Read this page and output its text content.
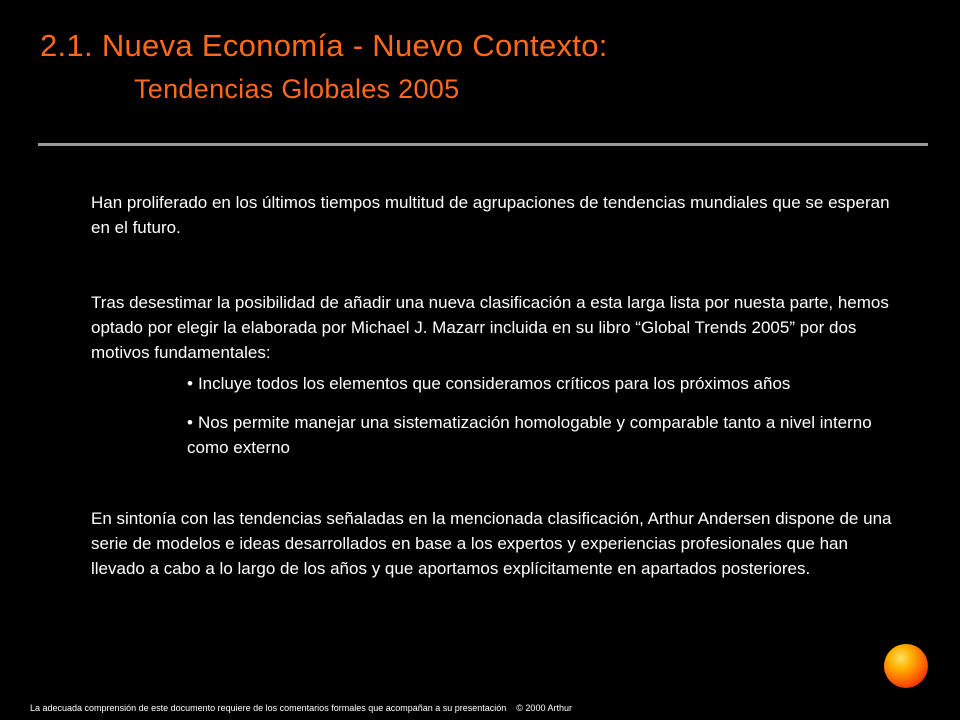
2.1. Nueva Economía - Nuevo Contexto:
Tendencias Globales 2005

Han proliferado en los últimos tiempos multitud de agrupaciones de tendencias mundiales que se esperan en el futuro.

Tras desestimar la posibilidad de añadir una nueva clasificación a esta larga lista por nuesta parte, hemos optado por elegir la elaborada por Michael J. Mazarr incluida en su libro “Global Trends 2005” por dos motivos fundamentales:

• Incluye todos los elementos que consideramos críticos para los próximos años
• Nos permite manejar una sistematización homologable y comparable tanto a nivel interno como externo

En sintonía con las tendencias señaladas en la mencionada clasificación, Arthur Andersen dispone de una serie de modelos e ideas desarrollados en base a los expertos y experiencias profesionales que han llevado a cabo a lo largo de los años y que aportamos explícitamente en apartados posteriores.

La adecuada comprensión de este documento requiere de los comentarios formales que acompañan a su presentación © 2000 Arthur
